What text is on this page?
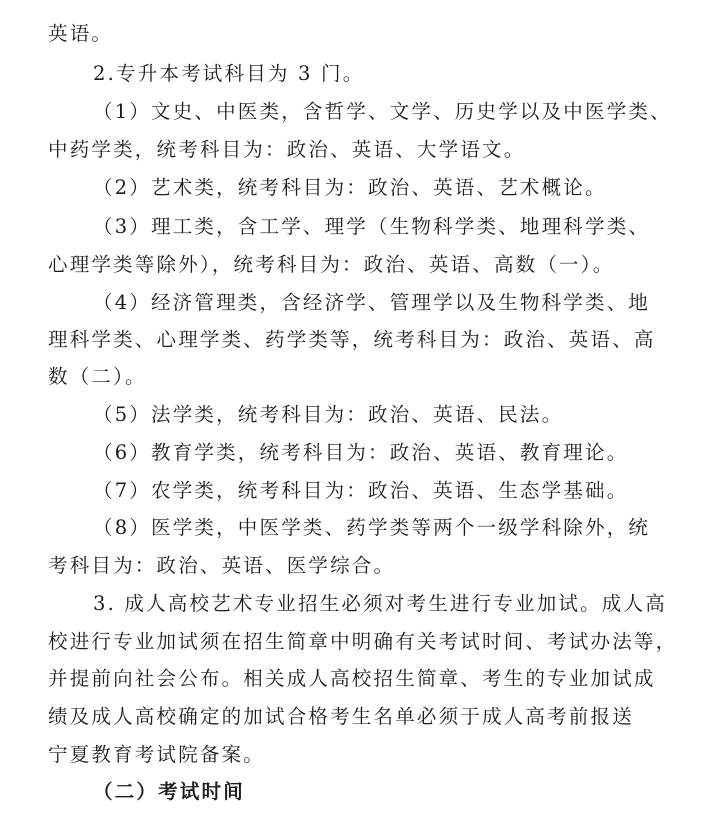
英语。

2.专升本考试科目为 3 门。

（1）文史、中医类，含哲学、文学、历史学以及中医学类、

中药学类，统考科目为：政治、英语、大学语文。

（2）艺术类，统考科目为：政治、英语、艺术概论。

（3）理工类，含工学、理学（生物科学类、地理科学类、

心理学类等除外），统考科目为：政治、英语、高数（一）。

（4）经济管理类，含经济学、管理学以及生物科学类、地

理科学类、心理学类、药学类等，统考科目为：政治、英语、高

数（二）。

（5）法学类，统考科目为：政治、英语、民法。

（6）教育学类，统考科目为：政治、英语、教育理论。

（7）农学类，统考科目为：政治、英语、生态学基础。

（8）医学类，中医学类、药学类等两个一级学科除外，统

考科目为：政治、英语、医学综合。

3. 成人高校艺术专业招生必须对考生进行专业加试。成人高

校进行专业加试须在招生简章中明确有关考试时间、考试办法等，

并提前向社会公布。相关成人高校招生简章、考生的专业加试成

绩及成人高校确定的加试合格考生名单必须于成人高考前报送

宁夏教育考试院备案。

（二）考试时间
